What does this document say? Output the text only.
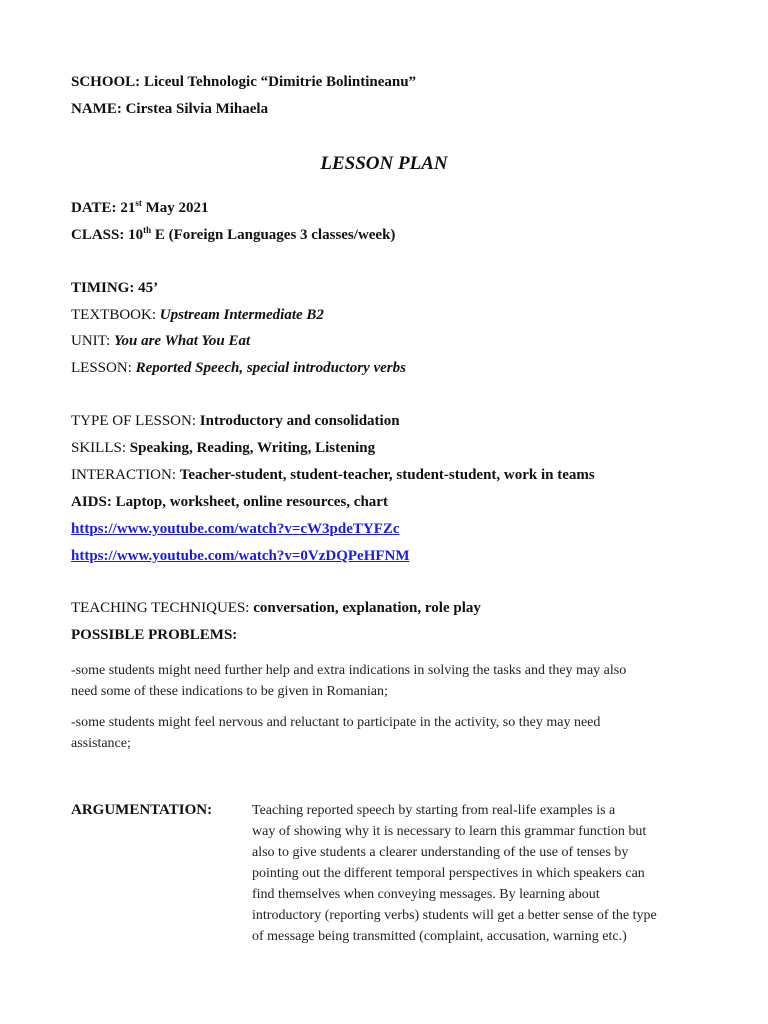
SCHOOL: Liceul Tehnologic “Dimitrie Bolintineanu”
NAME: Cirstea Silvia Mihaela
LESSON PLAN
DATE: 21st May 2021
CLASS: 10th E (Foreign Languages 3 classes/week)
TIMING: 45’
TEXTBOOK: Upstream Intermediate B2
UNIT: You are What You Eat
LESSON: Reported Speech, special introductory verbs
TYPE OF LESSON: Introductory and consolidation
SKILLS: Speaking, Reading, Writing, Listening
INTERACTION: Teacher-student, student-teacher, student-student, work in teams
AIDS: Laptop, worksheet, online resources, chart
https://www.youtube.com/watch?v=cW3pdeTYFZc
https://www.youtube.com/watch?v=0VzDQPeHFNM
TEACHING TECHNIQUES: conversation, explanation, role play
POSSIBLE PROBLEMS:
-some students might need further help and extra indications in solving the tasks and they may also
need some of these indications to be given in Romanian;
-some students might feel nervous and reluctant to participate in the activity, so they may need
assistance;
ARGUMENTATION:	Teaching reported speech by starting from real-life examples is a
way of showing why it is necessary to learn this grammar function but
also to give students a clearer understanding of the use of tenses by
pointing out the different temporal perspectives in which speakers can
find themselves when conveying messages. By learning about
introductory (reporting verbs) students will get a better sense of the type
of message being transmitted (complaint, accusation, warning etc.)
